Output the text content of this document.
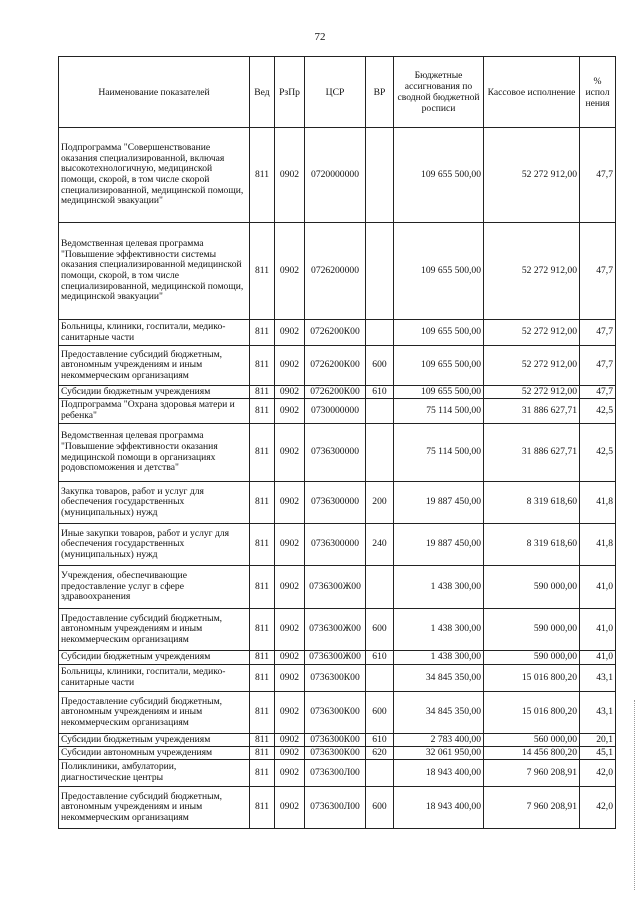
72
Наименование показателей	Вед	РзПр	ЦСР	ВР	Бюджетные ассигнования по сводной бюджетной росписи	Кассовое исполнение	% испол нения
Подпрограмма "Совершенствование оказания специализированной, включая высокотехнологичную, медицинской помощи, скорой, в том числе скорой специализированной, медицинской помощи, медицинской эвакуации"	811	0902	0720000000		109 655 500,00	52 272 912,00	47,7
Ведомственная целевая программа "Повышение эффективности системы оказания специализированной медицинской помощи, скорой, в том числе специализированной, медицинской помощи, медицинской эвакуации"	811	0902	0726200000		109 655 500,00	52 272 912,00	47,7
Больницы, клиники, госпитали, медико-санитарные части	811	0902	0726200К00		109 655 500,00	52 272 912,00	47,7
Предоставление субсидий бюджетным, автономным учреждениям и иным некоммерческим организациям	811	0902	0726200К00	600	109 655 500,00	52 272 912,00	47,7
Субсидии бюджетным учреждениям	811	0902	0726200К00	610	109 655 500,00	52 272 912,00	47,7
Подпрограмма "Охрана здоровья матери и ребенка"	811	0902	0730000000		75 114 500,00	31 886 627,71	42,5
Ведомственная целевая программа "Повышение эффективности оказания медицинской помощи в организациях родовспоможения и детства"	811	0902	0736300000		75 114 500,00	31 886 627,71	42,5
Закупка товаров, работ и услуг для обеспечения государственных (муниципальных) нужд	811	0902	0736300000	200	19 887 450,00	8 319 618,60	41,8
Иные закупки товаров, работ и услуг для обеспечения государственных (муниципальных) нужд	811	0902	0736300000	240	19 887 450,00	8 319 618,60	41,8
Учреждения, обеспечивающие предоставление услуг в сфере здравоохранения	811	0902	0736300Ж00		1 438 300,00	590 000,00	41,0
Предоставление субсидий бюджетным, автономным учреждениям и иным некоммерческим организациям	811	0902	0736300Ж00	600	1 438 300,00	590 000,00	41,0
Субсидии бюджетным учреждениям	811	0902	0736300Ж00	610	1 438 300,00	590 000,00	41,0
Больницы, клиники, госпитали, медико-санитарные части	811	0902	0736300К00		34 845 350,00	15 016 800,20	43,1
Предоставление субсидий бюджетным, автономным учреждениям и иным некоммерческим организациям	811	0902	0736300К00	600	34 845 350,00	15 016 800,20	43,1
Субсидии бюджетным учреждениям	811	0902	0736300К00	610	2 783 400,00	560 000,00	20,1
Субсидии автономным учреждениям	811	0902	0736300К00	620	32 061 950,00	14 456 800,20	45,1
Поликлиники, амбулатории, диагностические центры	811	0902	0736300Л00		18 943 400,00	7 960 208,91	42,0
Предоставление субсидий бюджетным, автономным учреждениям и иным некоммерческим организациям	811	0902	0736300Л00	600	18 943 400,00	7 960 208,91	42,0
